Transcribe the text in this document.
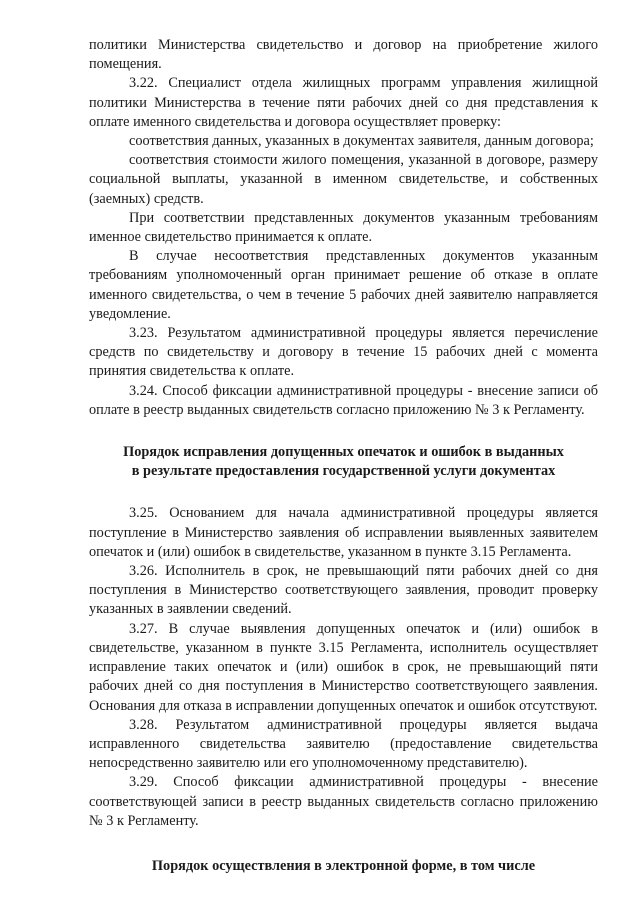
политики Министерства свидетельство и договор на приобретение жилого помещения.

3.22. Специалист отдела жилищных программ управления жилищной политики Министерства в течение пяти рабочих дней со дня представления к оплате именного свидетельства и договора осуществляет проверку:

соответствия данных, указанных в документах заявителя, данным договора;

соответствия стоимости жилого помещения, указанной в договоре, размеру социальной выплаты, указанной в именном свидетельстве, и собственных (заемных) средств.

При соответствии представленных документов указанным требованиям именное свидетельство принимается к оплате.

В случае несоответствия представленных документов указанным требованиям уполномоченный орган принимает решение об отказе в оплате именного свидетельства, о чем в течение 5 рабочих дней заявителю направляется уведомление.

3.23. Результатом административной процедуры является перечисление средств по свидетельству и договору в течение 15 рабочих дней с момента принятия свидетельства к оплате.

3.24. Способ фиксации административной процедуры - внесение записи об оплате в реестр выданных свидетельств согласно приложению № 3 к Регламенту.

Порядок исправления допущенных опечаток и ошибок в выданных

в результате предоставления государственной услуги документах

3.25. Основанием для начала административной процедуры является поступление в Министерство заявления об исправлении выявленных заявителем опечаток и (или) ошибок в свидетельстве, указанном в пункте 3.15 Регламента.

3.26. Исполнитель в срок, не превышающий пяти рабочих дней со дня поступления в Министерство соответствующего заявления, проводит проверку указанных в заявлении сведений.

3.27. В случае выявления допущенных опечаток и (или) ошибок в свидетельстве, указанном в пункте 3.15 Регламента, исполнитель осуществляет исправление таких опечаток и (или) ошибок в срок, не превышающий пяти рабочих дней со дня поступления в Министерство соответствующего заявления. Основания для отказа в исправлении допущенных опечаток и ошибок отсутствуют.

3.28. Результатом административной процедуры является выдача исправленного свидетельства заявителю (предоставление свидетельства непосредственно заявителю или его уполномоченному представителю).

3.29. Способ фиксации административной процедуры - внесение соответствующей записи в реестр выданных свидетельств согласно приложению № 3 к Регламенту.

Порядок осуществления в электронной форме, в том числе
